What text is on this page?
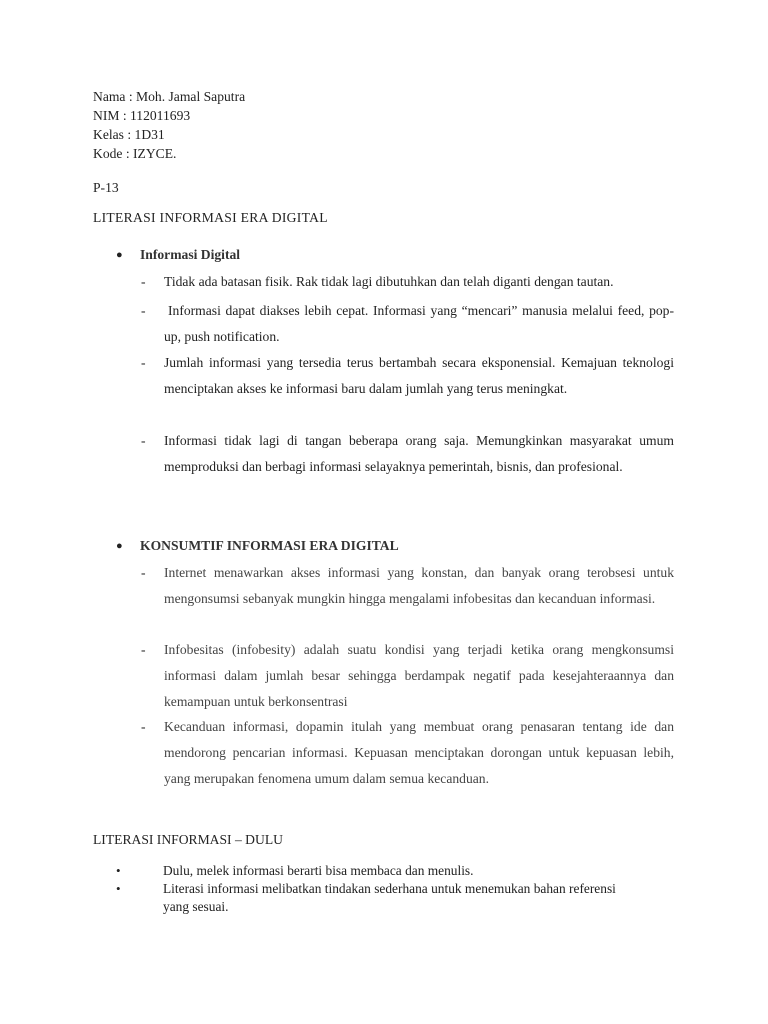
Nama : Moh. Jamal Saputra
NIM : 112011693
Kelas : 1D31
Kode : IZYCE.
P-13
LITERASI INFORMASI ERA DIGITAL
● Informasi Digital
- Tidak ada batasan fisik. Rak tidak lagi dibutuhkan dan telah diganti dengan tautan.
- Informasi dapat diakses lebih cepat. Informasi yang “mencari” manusia melalui feed, pop-up, push notification.
- Jumlah informasi yang tersedia terus bertambah secara eksponensial. Kemajuan teknologi menciptakan akses ke informasi baru dalam jumlah yang terus meningkat.
- Informasi tidak lagi di tangan beberapa orang saja. Memungkinkan masyarakat umum memproduksi dan berbagi informasi selayaknya pemerintah, bisnis, dan profesional.
● KONSUMTIF INFORMASI ERA DIGITAL
- Internet menawarkan akses informasi yang konstan, dan banyak orang terobsesi untuk mengonsumsi sebanyak mungkin hingga mengalami infobesitas dan kecanduan informasi.
- Infobesitas (infobesity) adalah suatu kondisi yang terjadi ketika orang mengkonsumsi informasi dalam jumlah besar sehingga berdampak negatif pada kesejahteraannya dan kemampuan untuk berkonsentrasi
- Kecanduan informasi, dopamin itulah yang membuat orang penasaran tentang ide dan mendorong pencarian informasi. Kepuasan menciptakan dorongan untuk kepuasan lebih, yang merupakan fenomena umum dalam semua kecanduan.
LITERASI INFORMASI – DULU
•	Dulu, melek informasi berarti bisa membaca dan menulis.
•	Literasi informasi melibatkan tindakan sederhana untuk menemukan bahan referensi yang sesuai.
